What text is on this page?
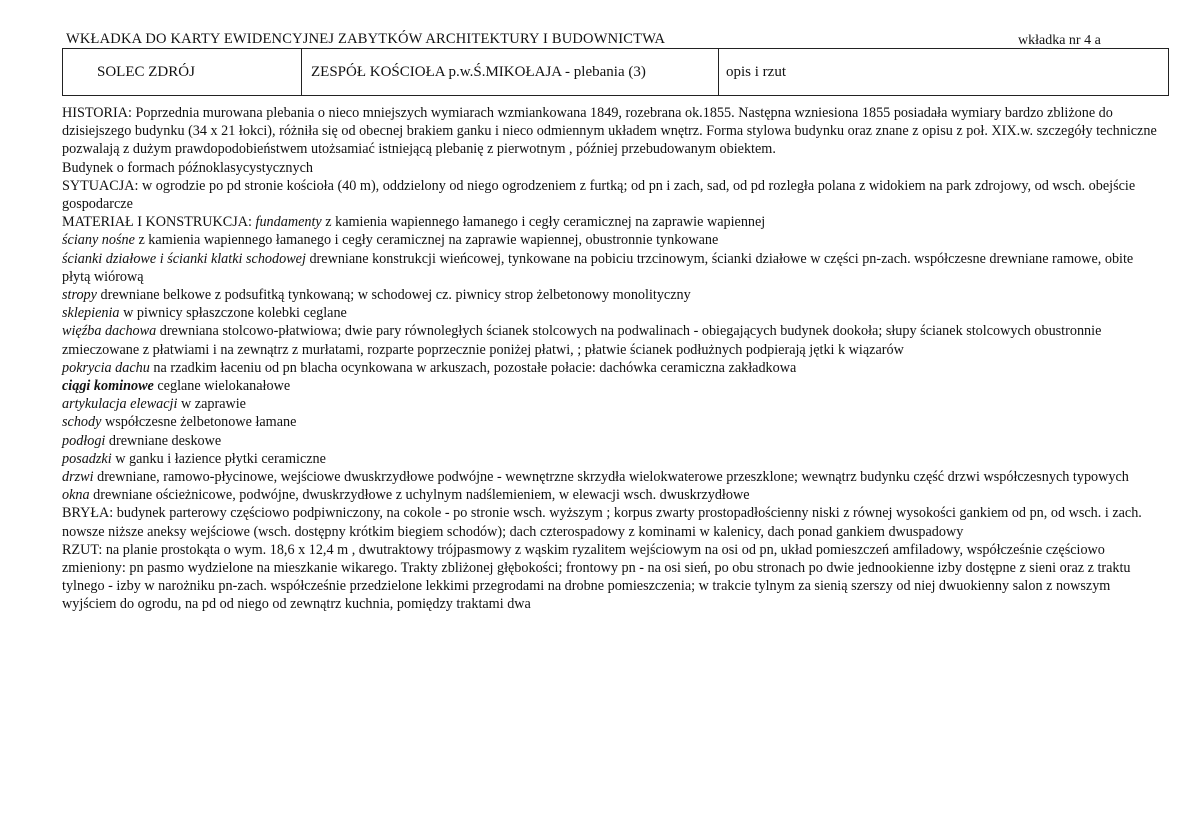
WKŁADKA DO KARTY EWIDENCYJNEJ ZABYTKÓW ARCHITEKTURY I BUDOWNICTWA	wkładka nr 4 a
SOLEC ZDRÓJ	ZESPÓŁ KOŚCIOŁA p.w.Ś.MIKOŁAJA - plebania (3)	opis i rzut

HISTORIA: Poprzednia murowana plebania o nieco mniejszych wymiarach wzmiankowana 1849, rozebrana ok.1855. Następna wzniesiona 1855 posiadała wymiary bardzo zbliżone do dzisiejszego budynku (34 x 21 łokci), różniła się od obecnej brakiem ganku i nieco odmiennym układem wnętrz. Forma stylowa budynku oraz znane z opisu z poł. XIX.w. szczegóły techniczne pozwalają z dużym prawdopodobieństwem utożsamiać istniejącą plebanię z pierwotnym , później przebudowanym obiektem.

Budynek o formach późnoklasycystycznych

SYTUACJA: w ogrodzie po pd stronie kościoła (40 m), oddzielony od niego ogrodzeniem z furtką; od pn i zach, sad, od pd rozległa polana z widokiem na park zdrojowy, od wsch. obejście gospodarcze

MATERIAŁ I KONSTRUKCJA: fundamenty z kamienia wapiennego łamanego i cegły ceramicznej na zaprawie wapiennej

ściany nośne z kamienia wapiennego łamanego i cegły ceramicznej na zaprawie wapiennej, obustronnie tynkowane

ścianki działowe i ścianki klatki schodowej drewniane konstrukcji wieńcowej, tynkowane na pobiciu trzcinowym, ścianki działowe w części pn-zach. współczesne drewniane ramowe, obite płytą wiórową

stropy drewniane belkowe z podsufitką tynkowaną; w schodowej cz. piwnicy strop żelbetonowy monolityczny

sklepienia w piwnicy spłaszczone kolebki ceglane

więźba dachowa drewniana stolcowo-płatwiowa; dwie pary równoległych ścianek stolcowych na podwalinach - obiegających budynek dookoła; słupy ścianek stolcowych obustronnie zmieczowane z płatwiami i na zewnątrz z murłatami, rozparte poprzecznie poniżej płatwi, ; płatwie ścianek podłużnych podpierają jętki k wiązarów

pokrycia dachu na rzadkim łaceniu od pn blacha ocynkowana w arkuszach, pozostałe połacie: dachówka ceramiczna zakładkowa

ciągi kominowe ceglane wielokanałowe

artykulacja elewacji w zaprawie

schody współczesne żelbetonowe łamane

podłogi drewniane deskowe

posadzki w ganku i łazience płytki ceramiczne

drzwi drewniane, ramowo-płycinowe, wejściowe dwuskrzydłowe podwójne - wewnętrzne skrzydła wielokwaterowe przeszklone; wewnątrz budynku część drzwi współczesnych typowych

okna drewniane ościeżnicowe, podwójne, dwuskrzydłowe z uchylnym nadślemieniem, w elewacji wsch. dwuskrzydłowe

BRYŁA: budynek parterowy częściowo podpiwniczony, na cokole - po stronie wsch. wyższym ; korpus zwarty prostopadłościenny niski z równej wysokości gankiem od pn, od wsch. i zach. nowsze niższe aneksy wejściowe (wsch. dostępny krótkim biegiem schodów); dach czterospadowy z kominami w kalenicy, dach ponad gankiem dwuspadowy

RZUT: na planie prostokąta o wym. 18,6 x 12,4 m , dwutraktowy trójpasmowy z wąskim ryzalitem wejściowym na osi od pn, układ pomieszczeń amfiladowy, współcześnie częściowo zmieniony: pn pasmo wydzielone na mieszkanie wikarego. Trakty zbliżonej głębokości; frontowy pn - na osi sień, po obu stronach po dwie jednookienne izby dostępne z sieni oraz z traktu tylnego - izby w narożniku pn-zach. współcześnie przedzielone lekkimi przegrodami na drobne pomieszczenia; w trakcie tylnym za sienią szerszy od niej dwuokienny salon z nowszym wyjściem do ogrodu, na pd od niego od zewnątrz kuchnia, pomiędzy traktami dwa
